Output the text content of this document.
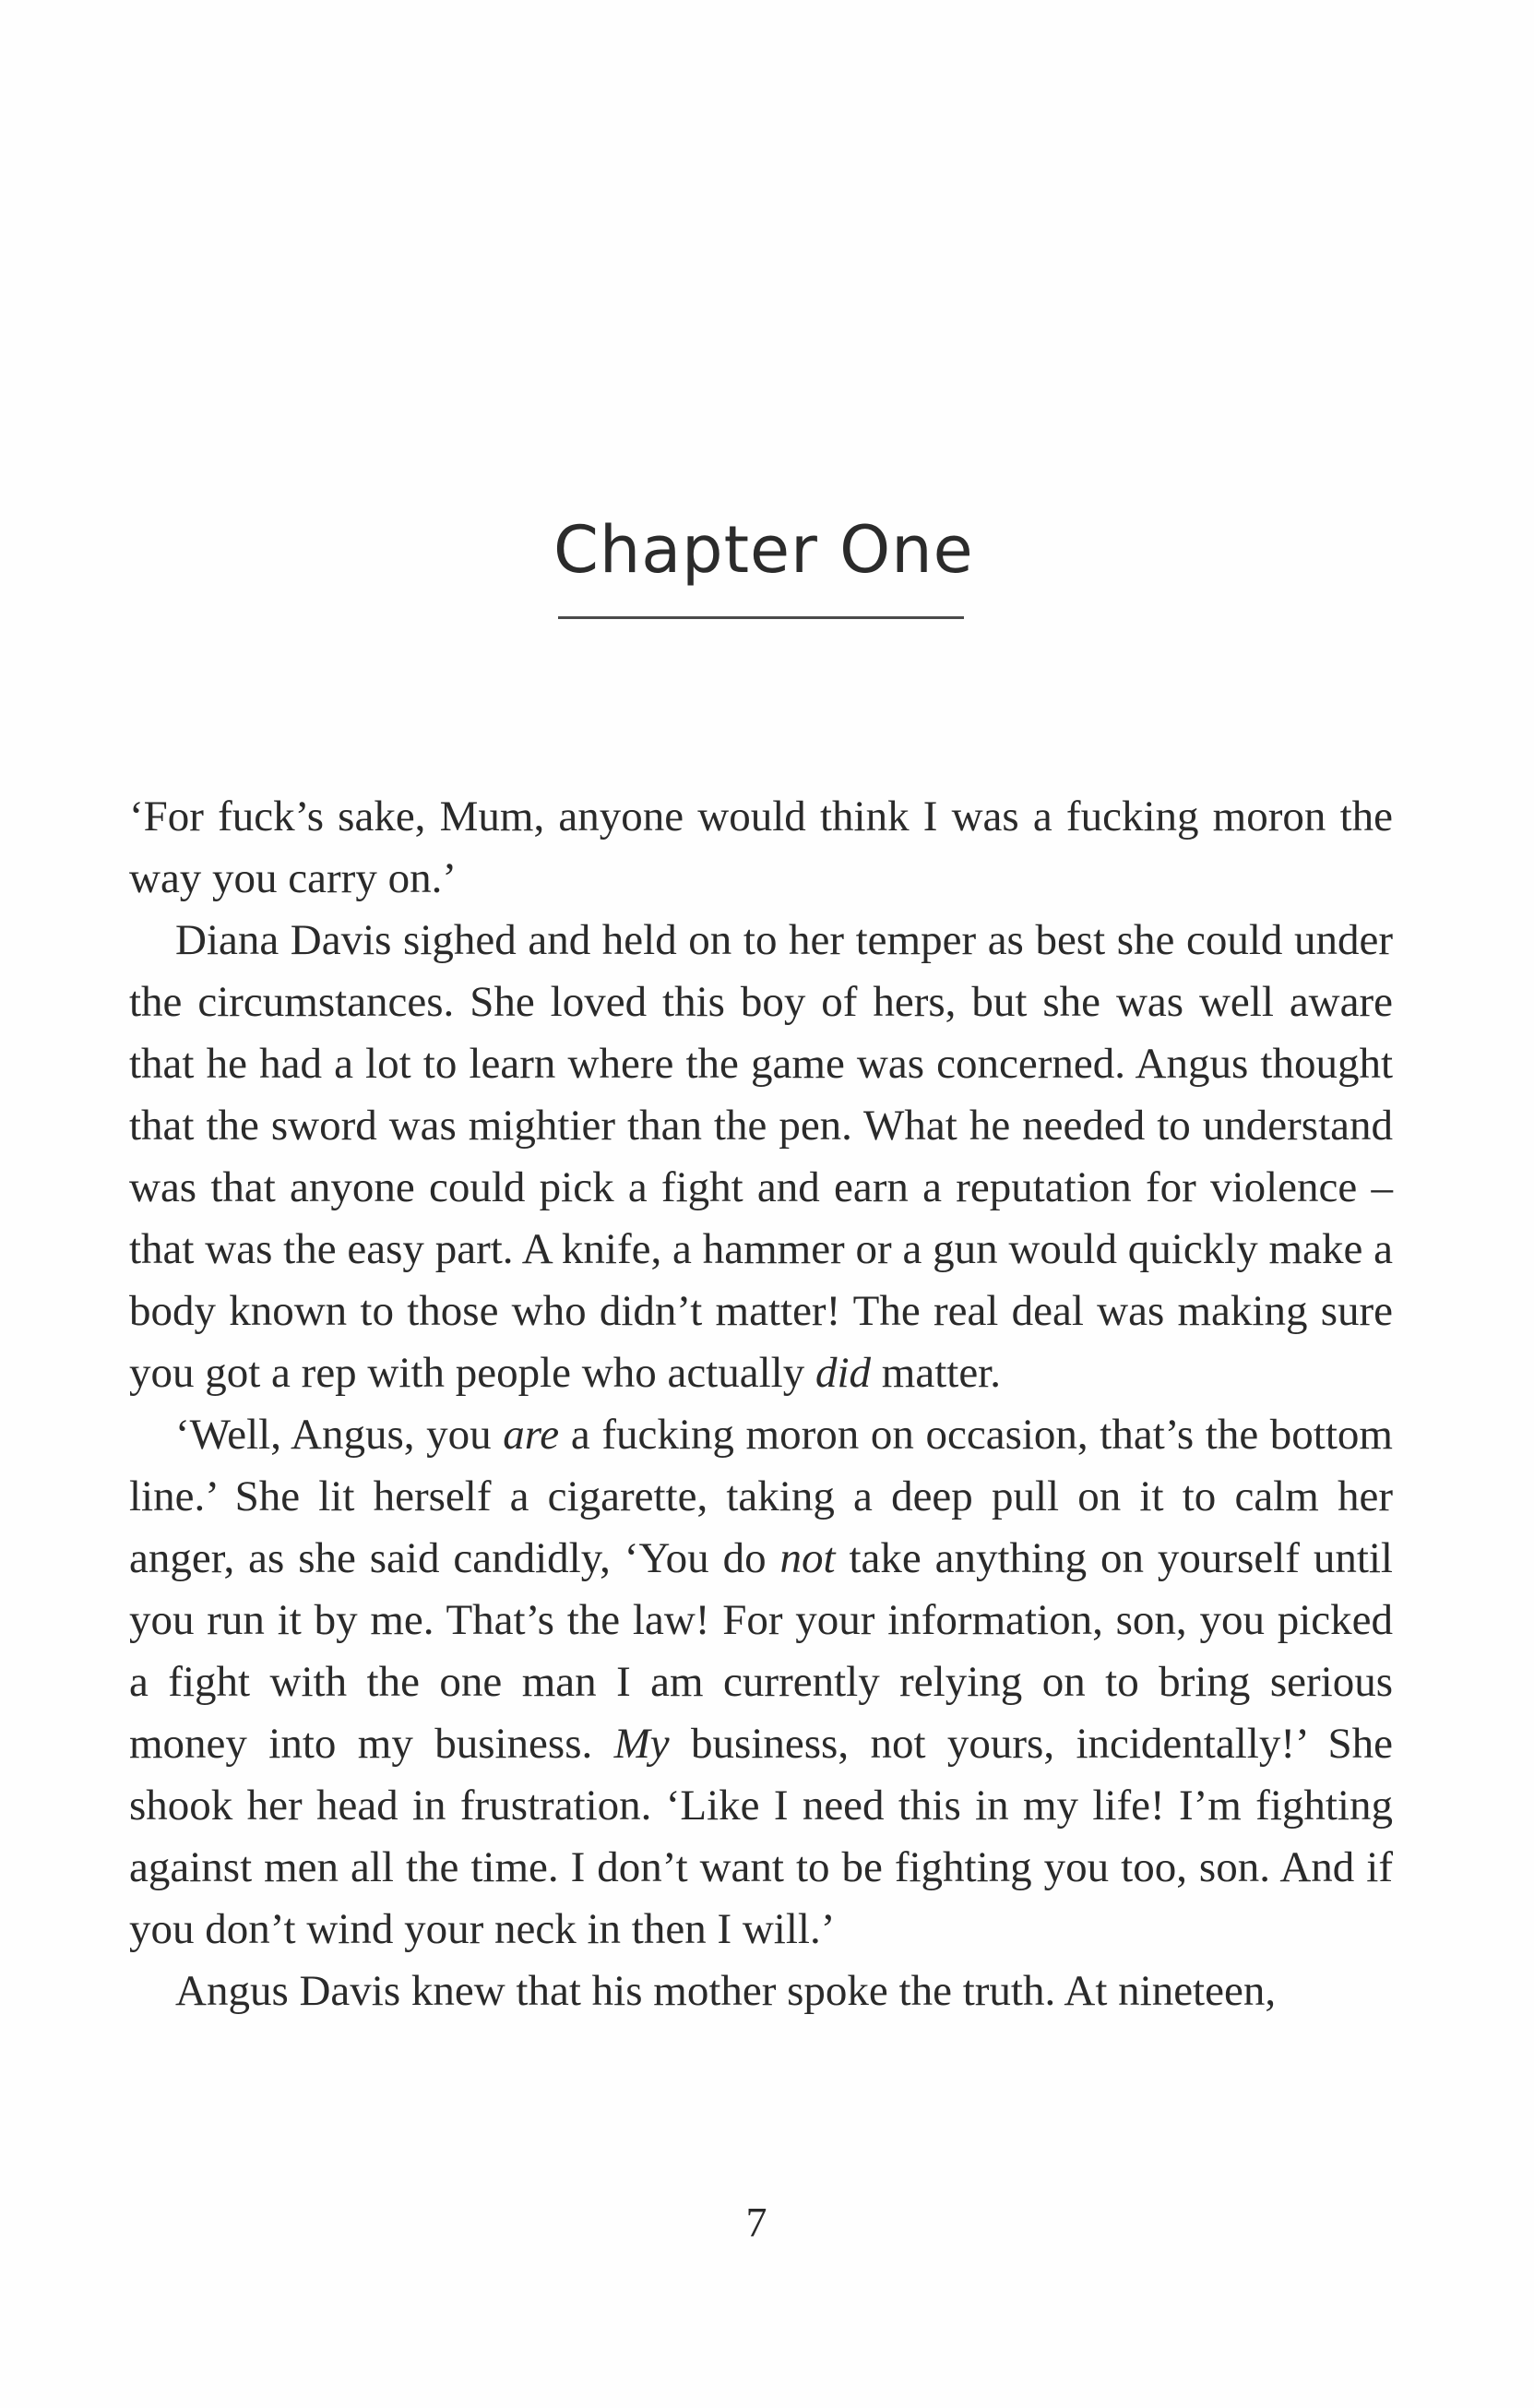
Chapter One

‘For fuck’s sake, Mum, anyone would think I was a fucking moron the way you carry on.’

Diana Davis sighed and held on to her temper as best she could under the circumstances. She loved this boy of hers, but she was well aware that he had a lot to learn where the game was concerned. Angus thought that the sword was mightier than the pen. What he needed to understand was that anyone could pick a fight and earn a reputation for violence – that was the easy part. A knife, a hammer or a gun would quickly make a body known to those who didn’t matter! The real deal was making sure you got a rep with people who actually did matter.

‘Well, Angus, you are a fucking moron on occasion, that’s the bottom line.’ She lit herself a cigarette, taking a deep pull on it to calm her anger, as she said candidly, ‘You do not take anything on yourself until you run it by me. That’s the law! For your information, son, you picked a fight with the one man I am currently relying on to bring serious money into my business. My business, not yours, incidentally!’ She shook her head in frustration. ‘Like I need this in my life! I’m fighting against men all the time. I don’t want to be fighting you too, son. And if you don’t wind your neck in then I will.’

Angus Davis knew that his mother spoke the truth. At nineteen,

7
